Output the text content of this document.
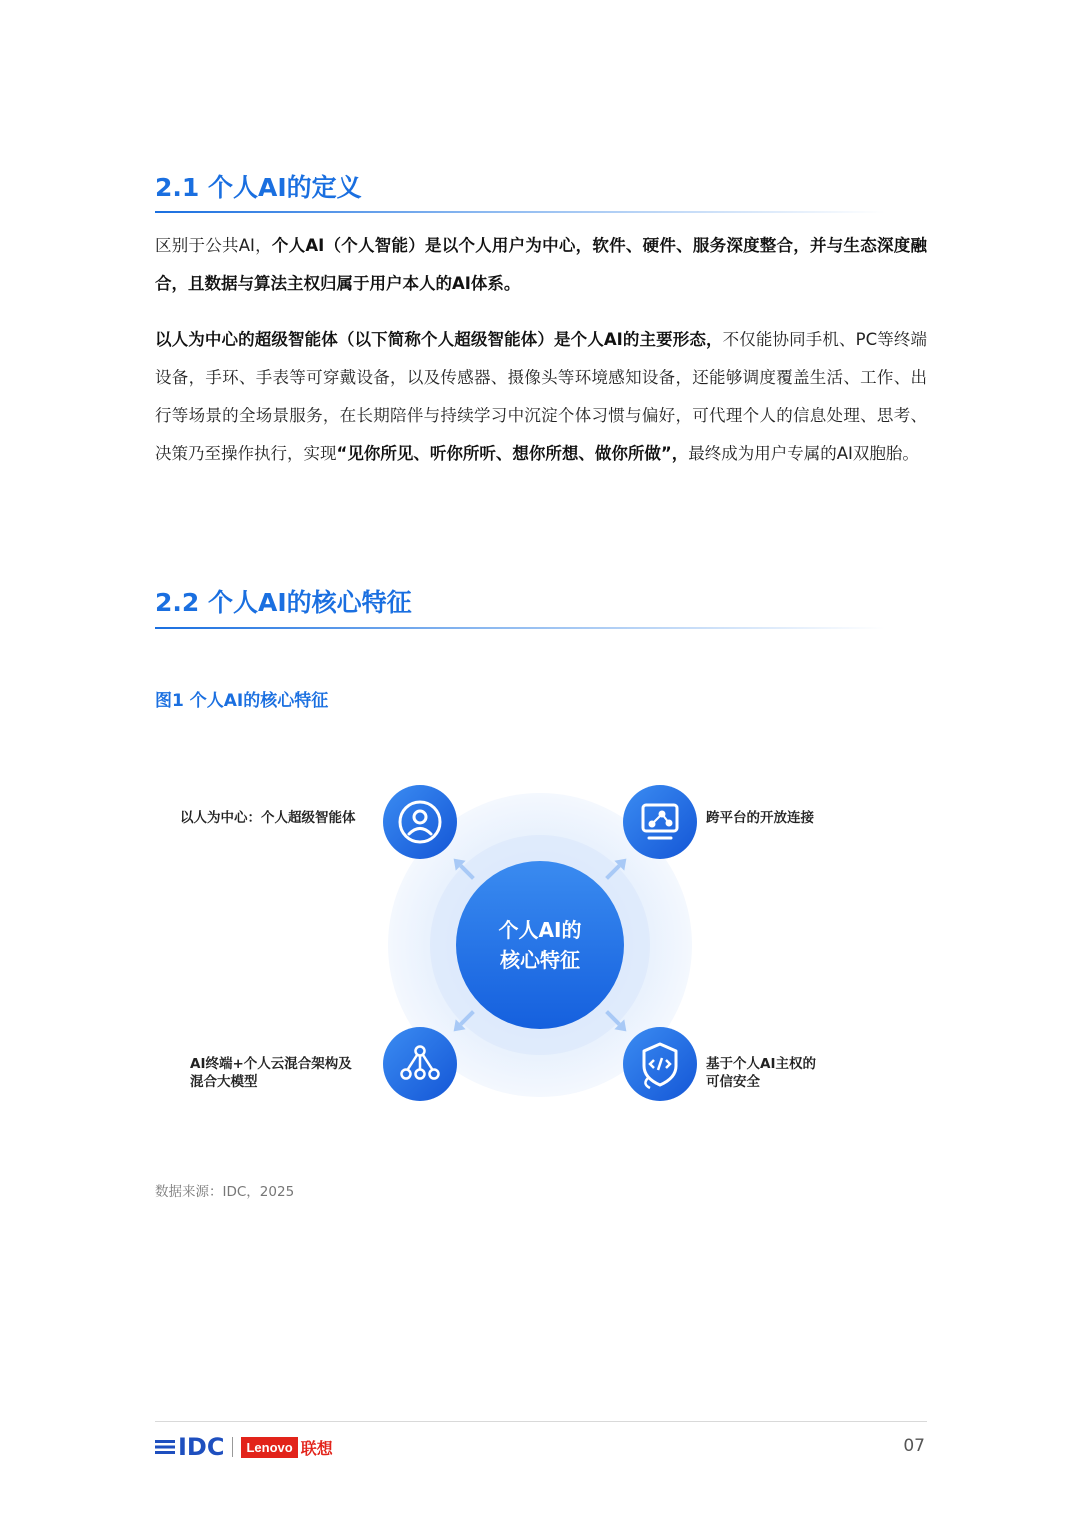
2.1 个人AI的定义

区别于公共AI，个人AI（个人智能）是以个人用户为中心，软件、硬件、服务深度整合，并与生态深度融合，且数据与算法主权归属于用户本人的AI体系。

以人为中心的超级智能体（以下简称个人超级智能体）是个人AI的主要形态，不仅能协同手机、PC等终端设备，手环、手表等可穿戴设备，以及传感器、摄像头等环境感知设备，还能够调度覆盖生活、工作、出行等场景的全场景服务，在长期陪伴与持续学习中沉淀个体习惯与偏好，可代理个人的信息处理、思考、决策乃至操作执行，实现“见你所见、听你所听、想你所想、做你所做”，最终成为用户专属的AI双胞胎。

2.2 个人AI的核心特征
图1 个人AI的核心特征
个人AI的
核心特征
以人为中心：个人超级智能体	跨平台的开放连接
AI终端+个人云混合架构及
混合大模型
基于个人AI主权的
可信安全
数据来源：IDC，2025
IDC	Lenovo 联想	07
